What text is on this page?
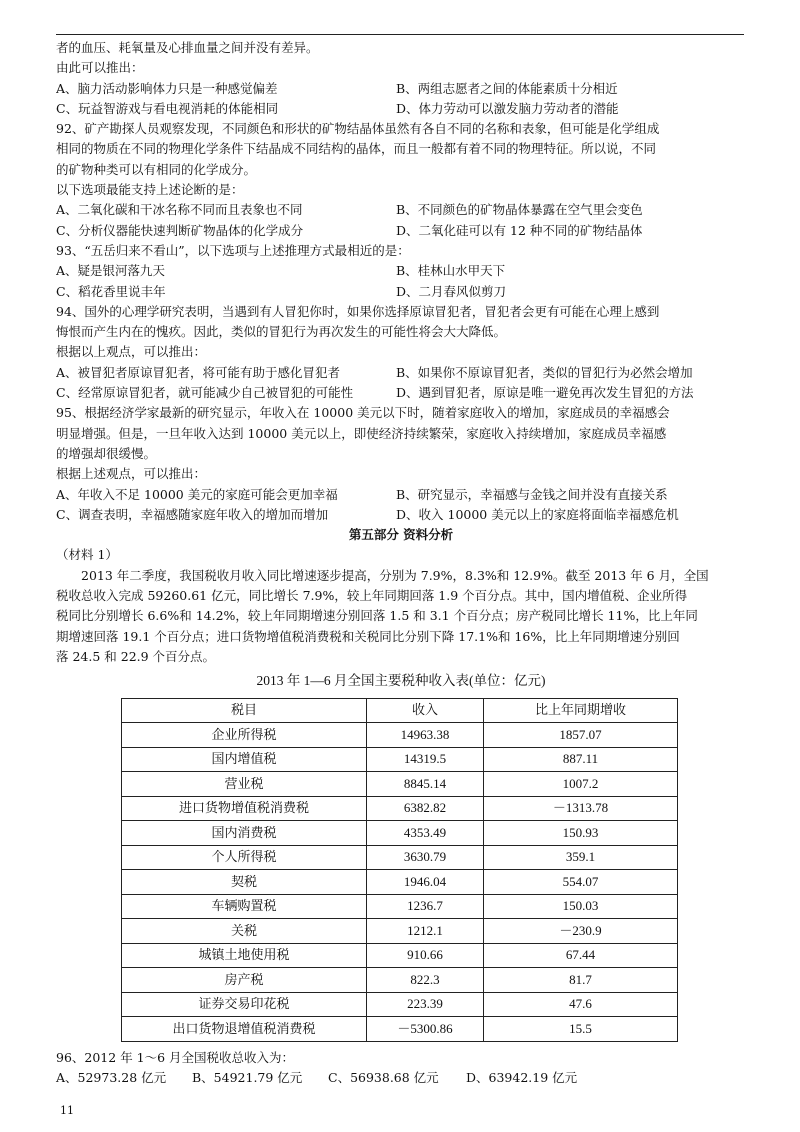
者的血压、耗氧量及心排血量之间并没有差异。
由此可以推出：
A、脑力活动影响体力只是一种感觉偏差	B、两组志愿者之间的体能素质十分相近
C、玩益智游戏与看电视消耗的体能相同	D、体力劳动可以激发脑力劳动者的潜能
92、矿产勘探人员观察发现，不同颜色和形状的矿物结晶体虽然有各自不同的名称和表象，但可能是化学组成
相同的物质在不同的物理化学条件下结晶成不同结构的晶体，而且一般都有着不同的物理特征。所以说，不同
的矿物种类可以有相同的化学成分。
以下选项最能支持上述论断的是：
A、二氧化碳和干冰名称不同而且表象也不同	B、不同颜色的矿物晶体暴露在空气里会变色
C、分析仪器能快速判断矿物晶体的化学成分	D、二氧化硅可以有 12 种不同的矿物结晶体
93、“五岳归来不看山”，以下选项与上述推理方式最相近的是：
A、疑是银河落九天	B、桂林山水甲天下
C、稻花香里说丰年	D、二月春风似剪刀
94、国外的心理学研究表明，当遇到有人冒犯你时，如果你选择原谅冒犯者，冒犯者会更有可能在心理上感到
悔恨而产生内在的愧疚。因此，类似的冒犯行为再次发生的可能性将会大大降低。
根据以上观点，可以推出：
A、被冒犯者原谅冒犯者，将可能有助于感化冒犯者	B、如果你不原谅冒犯者，类似的冒犯行为必然会增加
C、经常原谅冒犯者，就可能减少自己被冒犯的可能性	D、遇到冒犯者，原谅是唯一避免再次发生冒犯的方法
95、根据经济学家最新的研究显示，年收入在 10000 美元以下时，随着家庭收入的增加，家庭成员的幸福感会
明显增强。但是，一旦年收入达到 10000 美元以上，即使经济持续繁荣，家庭收入持续增加，家庭成员幸福感
的增强却很缓慢。
根据上述观点，可以推出：
A、年收入不足 10000 美元的家庭可能会更加幸福	B、研究显示，幸福感与金钱之间并没有直接关系
C、调查表明，幸福感随家庭年收入的增加而增加	D、收入 10000 美元以上的家庭将面临幸福感危机
第五部分 资料分析
（材料 1）
2013 年二季度，我国税收月收入同比增速逐步提高，分别为 7.9%，8.3%和 12.9%。截至 2013 年 6 月，全国
税收总收入完成 59260.61 亿元，同比增长 7.9%，较上年同期回落 1.9 个百分点。其中，国内增值税、企业所得
税同比分别增长 6.6%和 14.2%，较上年同期增速分别回落 1.5 和 3.1 个百分点；房产税同比增长 11%，比上年同
期增速回落 19.1 个百分点；进口货物增值税消费税和关税同比分别下降 17.1%和 16%，比上年同期增速分别回
落 24.5 和 22.9 个百分点。
2013 年 1—6 月全国主要税种收入表(单位：亿元)
税目	收入	比上年同期增收
企业所得税	14963.38	1857.07
国内增值税	14319.5	887.11
营业税	8845.14	1007.2
进口货物增值税消费税	6382.82	－1313.78
国内消费税	4353.49	150.93
个人所得税	3630.79	359.1
契税	1946.04	554.07
车辆购置税	1236.7	150.03
关税	1212.1	－230.9
城镇土地使用税	910.66	67.44
房产税	822.3	81.7
证券交易印花税	223.39	47.6
出口货物退增值税消费税	－5300.86	15.5
96、2012 年 1～6 月全国税收总收入为：
A、52973.28 亿元	B、54921.79 亿元	C、56938.68 亿元	D、63942.19 亿元
11
